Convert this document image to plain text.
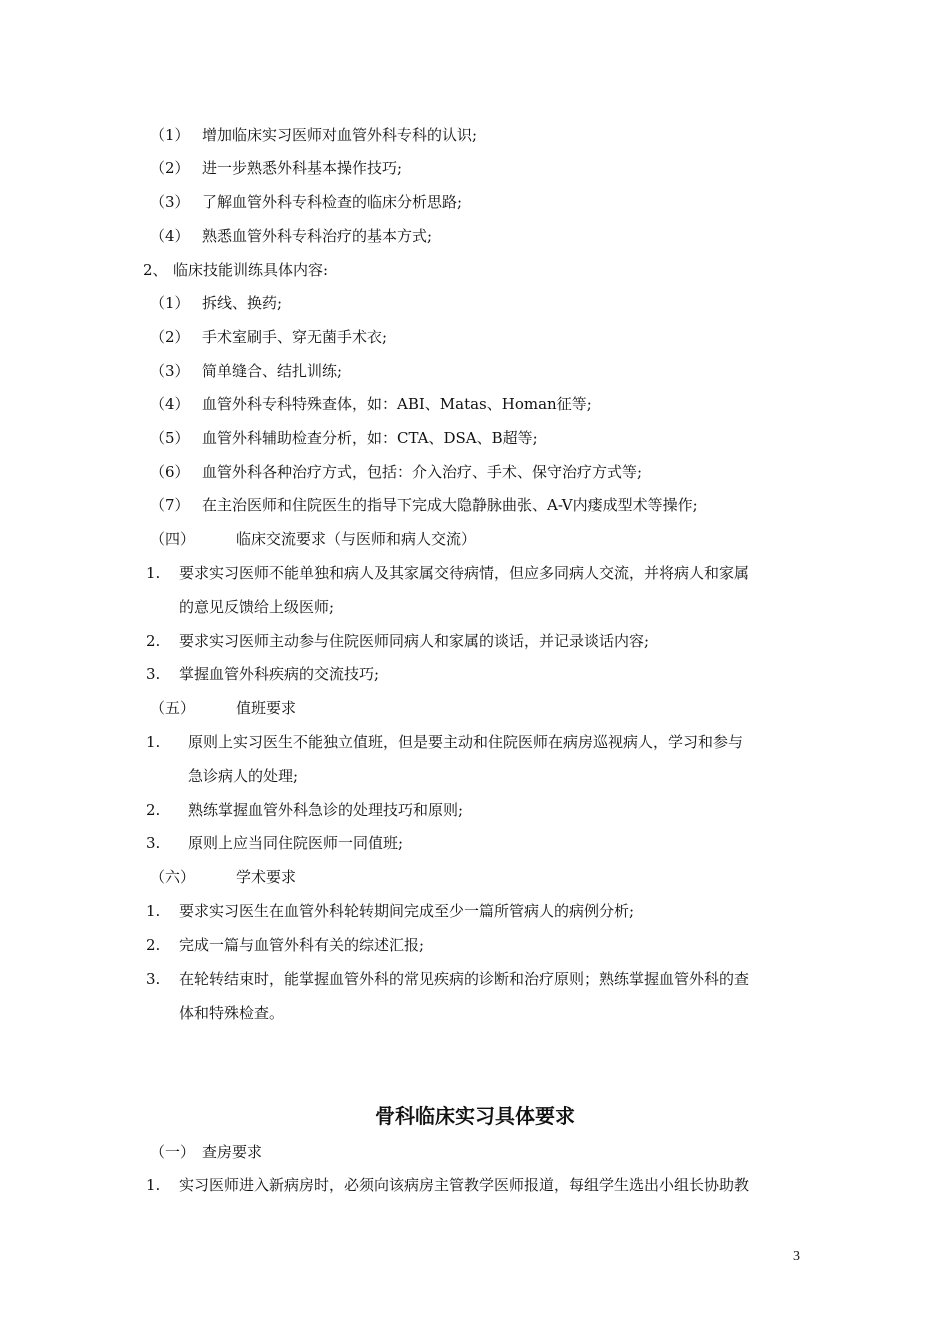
（1） 增加临床实习医师对血管外科专科的认识;
（2） 进一步熟悉外科基本操作技巧;
（3） 了解血管外科专科检查的临床分析思路;
（4） 熟悉血管外科专科治疗的基本方式;
2、 临床技能训练具体内容:
（1） 拆线、换药;
（2） 手术室刷手、穿无菌手术衣;
（3） 简单缝合、结扎训练;
（4） 血管外科专科特殊查体，如：ABI、Matas、Homan征等;
（5） 血管外科辅助检查分析，如：CTA、DSA、B超等;
（6） 血管外科各种治疗方式，包括：介入治疗、手术、保守治疗方式等;
（7） 在主治医师和住院医生的指导下完成大隐静脉曲张、A-V内瘘成型术等操作;
（四）	临床交流要求（与医师和病人交流）
1. 要求实习医师不能单独和病人及其家属交待病情，但应多同病人交流，并将病人和家属
的意见反馈给上级医师;
2. 要求实习医师主动参与住院医师同病人和家属的谈话，并记录谈话内容;
3. 掌握血管外科疾病的交流技巧;
（五）	值班要求
1. 原则上实习医生不能独立值班，但是要主动和住院医师在病房巡视病人，学习和参与
急诊病人的处理;
2. 熟练掌握血管外科急诊的处理技巧和原则;
3. 原则上应当同住院医师一同值班;
（六）	学术要求
1. 要求实习医生在血管外科轮转期间完成至少一篇所管病人的病例分析;
2. 完成一篇与血管外科有关的综述汇报;
3. 在轮转结束时，能掌握血管外科的常见疾病的诊断和治疗原则；熟练掌握血管外科的查
体和特殊检查。
骨科临床实习具体要求
（一） 查房要求
1. 实习医师进入新病房时，必须向该病房主管教学医师报道，每组学生选出小组长协助教
3
